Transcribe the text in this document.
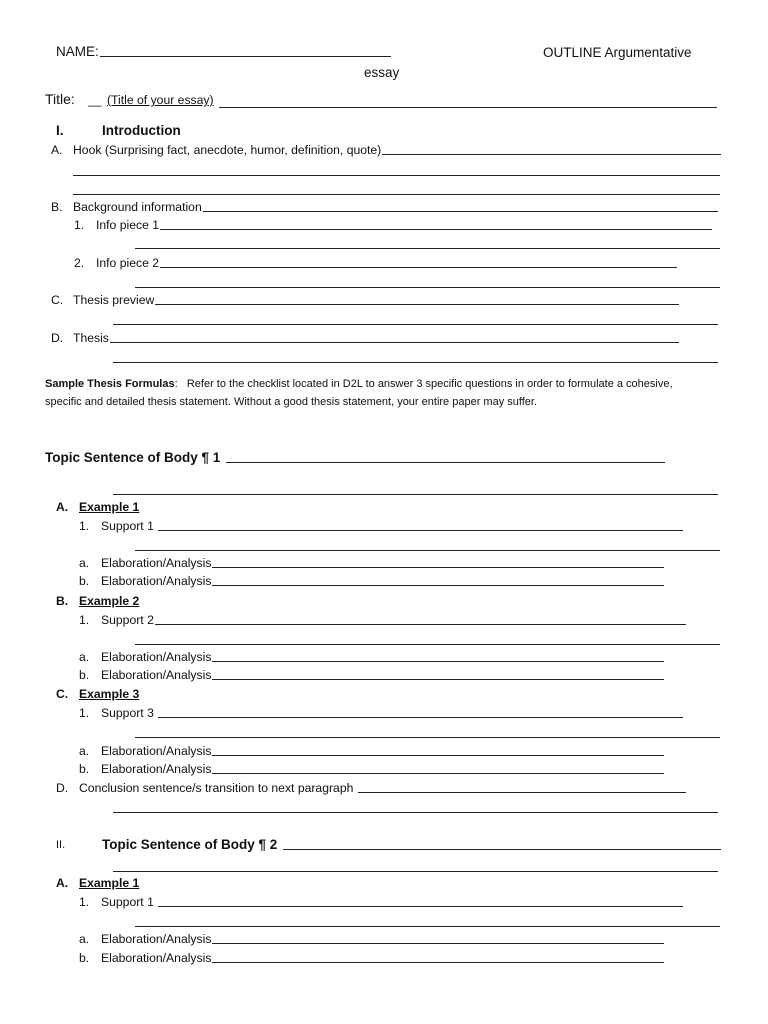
NAME:	OUTLINE Argumentative
essay
Title: __ (Title of your essay)
I.	Introduction
A. Hook (Surprising fact, anecdote, humor, definition, quote)
B. Background information
1. Info piece 1
2. Info piece 2
C. Thesis preview
D. Thesis
Sample Thesis Formulas: Refer to the checklist located in D2L to answer 3 specific questions in order to formulate a cohesive,
specific and detailed thesis statement. Without a good thesis statement, your entire paper may suffer.
Topic Sentence of Body ¶ 1
A. Example 1
1. Support 1
a. Elaboration/Analysis
b. Elaboration/Analysis
B. Example 2
1. Support 2
a. Elaboration/Analysis
b. Elaboration/Analysis
C. Example 3
1. Support 3
a. Elaboration/Analysis
b. Elaboration/Analysis
D. Conclusion sentence/s transition to next paragraph
II.	Topic Sentence of Body ¶ 2
A. Example 1
1. Support 1
a. Elaboration/Analysis
b. Elaboration/Analysis
